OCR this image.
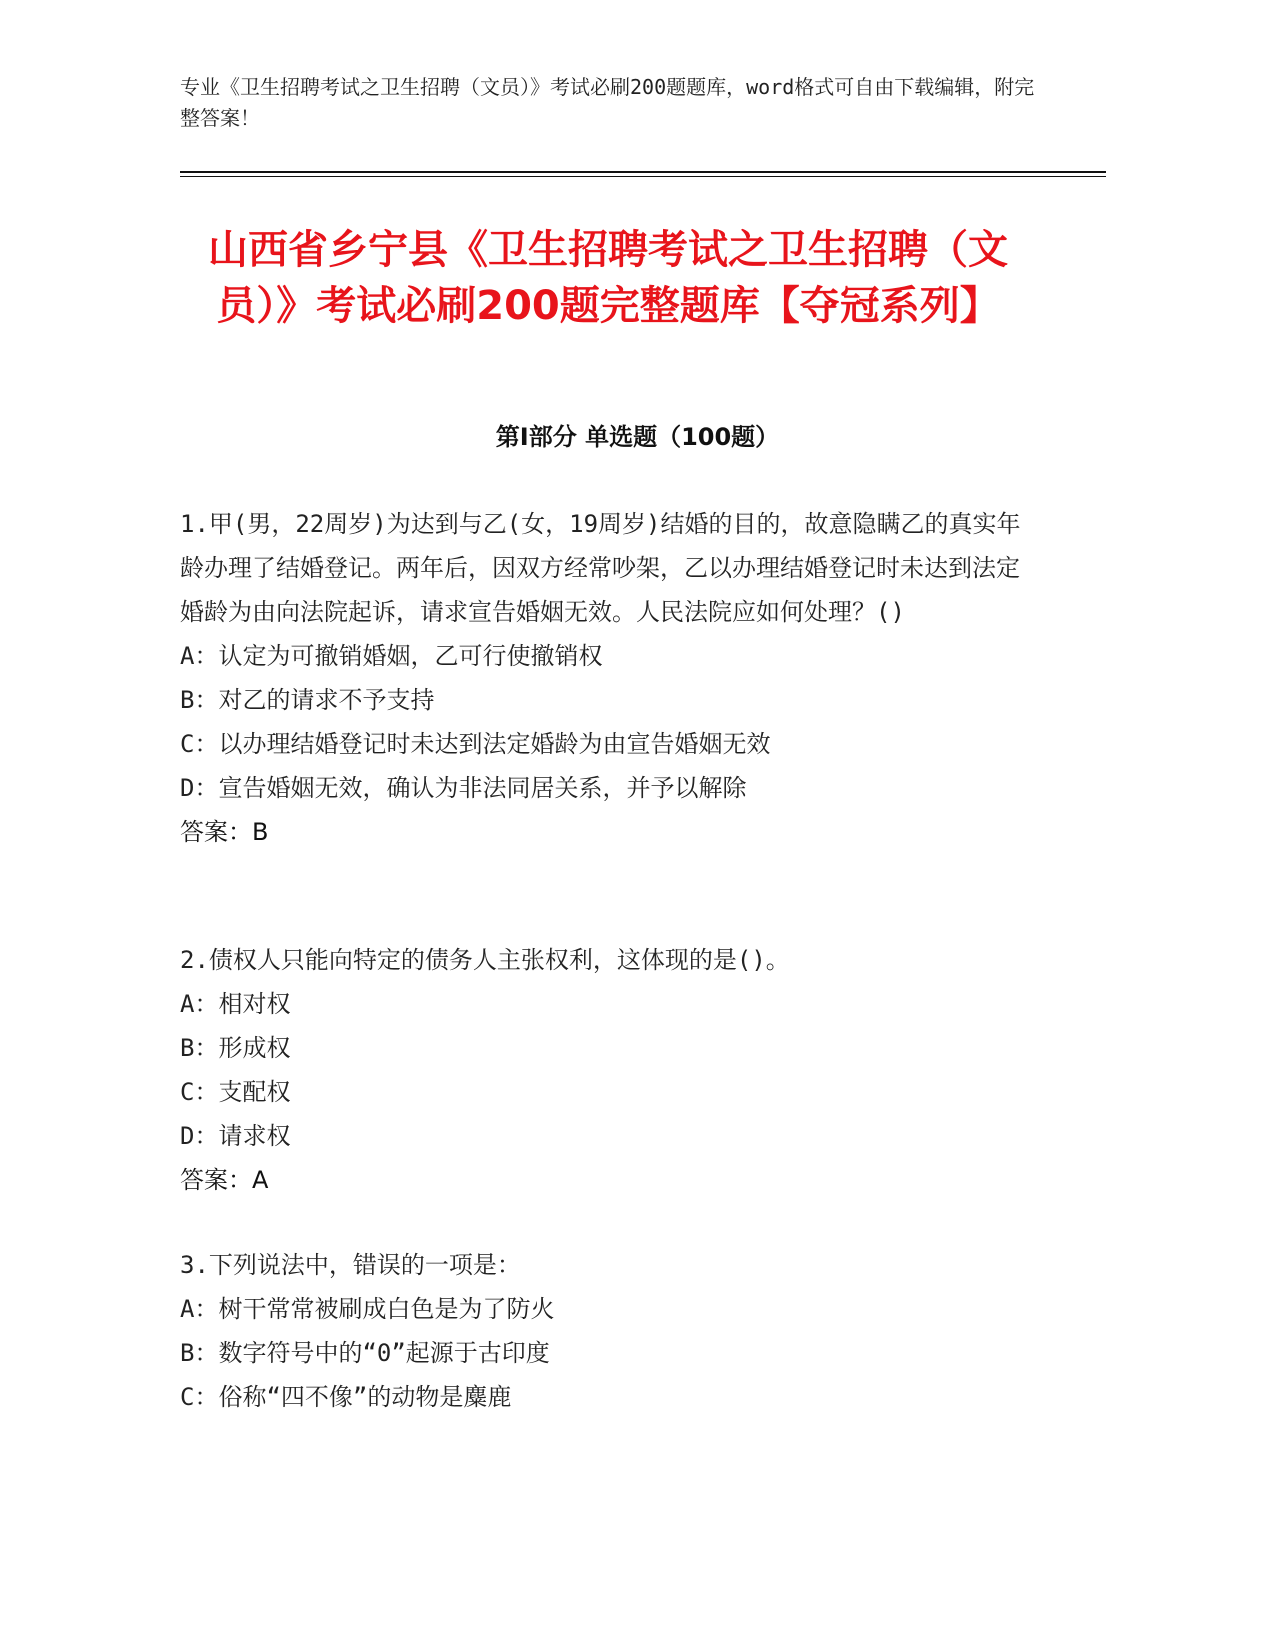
专业《卫生招聘考试之卫生招聘（文员）》考试必刷200题题库，word格式可自由下载编辑，附完整答案！
山西省乡宁县《卫生招聘考试之卫生招聘（文员）》考试必刷200题完整题库【夺冠系列】
第Ⅰ部分 单选题（100题）
1.甲(男，22周岁)为达到与乙(女，19周岁)结婚的目的，故意隐瞒乙的真实年龄办理了结婚登记。两年后，因双方经常吵架，乙以办理结婚登记时未达到法定婚龄为由向法院起诉，请求宣告婚姻无效。人民法院应如何处理？()
A：认定为可撤销婚姻，乙可行使撤销权
B：对乙的请求不予支持
C：以办理结婚登记时未达到法定婚龄为由宣告婚姻无效
D：宣告婚姻无效，确认为非法同居关系，并予以解除
答案：B
2.债权人只能向特定的债务人主张权利，这体现的是()。
A：相对权
B：形成权
C：支配权
D：请求权
答案：A
3.下列说法中，错误的一项是：
A：树干常常被刷成白色是为了防火
B：数字符号中的“0”起源于古印度
C：俗称“四不像”的动物是麋鹿
